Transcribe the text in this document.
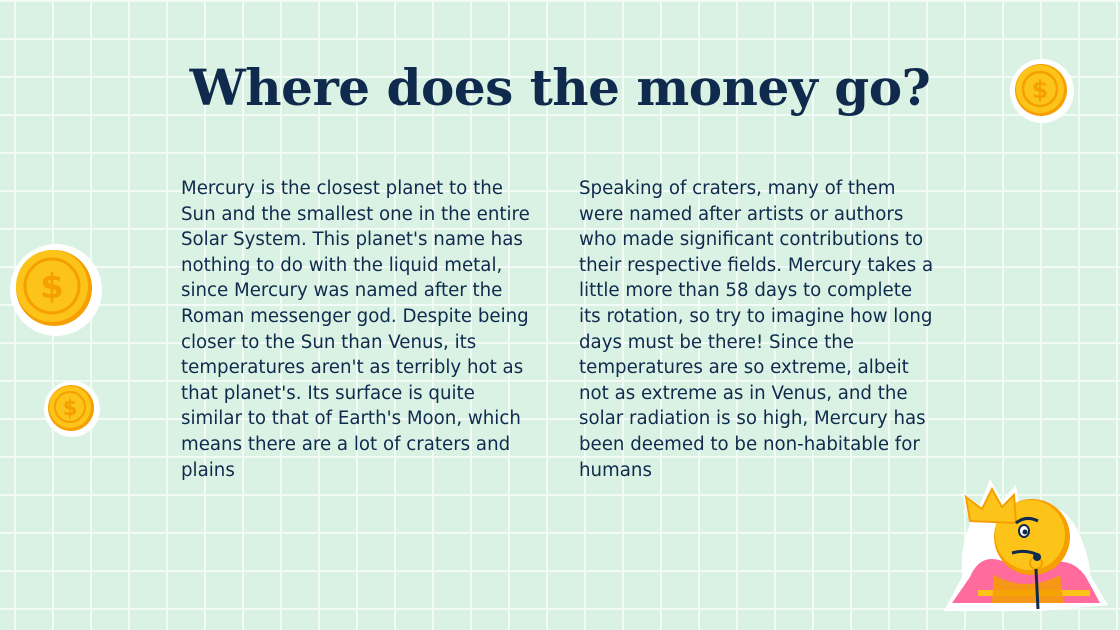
Where does the money go?

Mercury is the closest planet to the Sun and the smallest one in the entire Solar System. This planet's name has nothing to do with the liquid metal, since Mercury was named after the Roman messenger god. Despite being closer to the Sun than Venus, its temperatures aren't as terribly hot as that planet's. Its surface is quite similar to that of Earth's Moon, which means there are a lot of craters and plains

Speaking of craters, many of them were named after artists or authors who made significant contributions to their respective fields. Mercury takes a little more than 58 days to complete its rotation, so try to imagine how long days must be there! Since the temperatures are so extreme, albeit not as extreme as in Venus, and the solar radiation is so high, Mercury has been deemed to be non-habitable for humans

$
$
$
